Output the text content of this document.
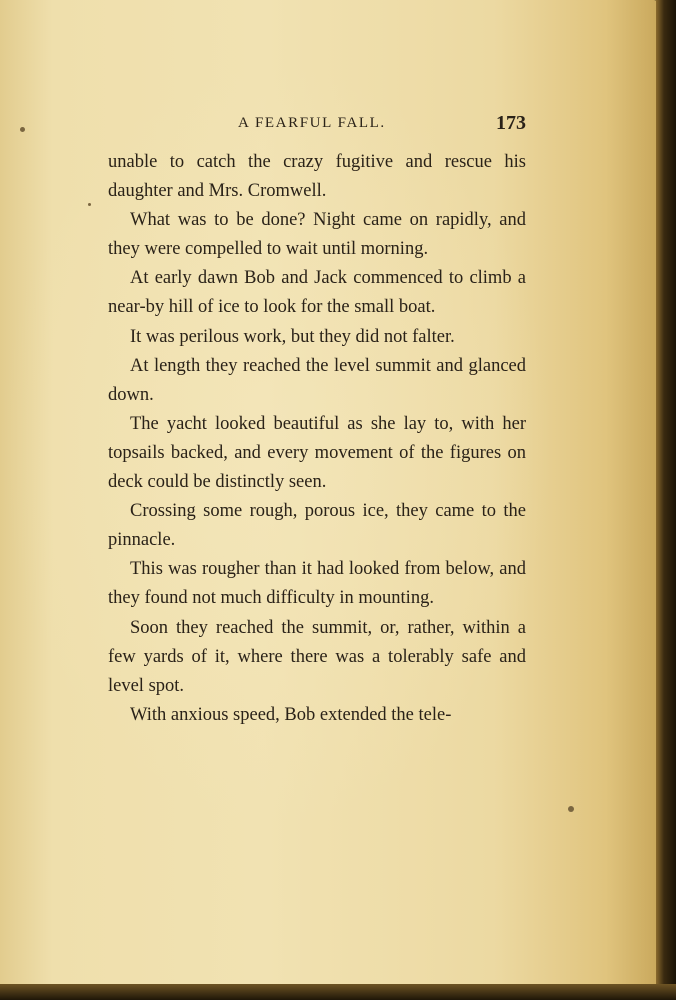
A FEARFUL FALL.	173

unable to catch the crazy fugitive and rescue his daughter and Mrs. Cromwell.

What was to be done? Night came on rapidly, and they were compelled to wait until morning.

At early dawn Bob and Jack commenced to climb a near-by hill of ice to look for the small boat.

It was perilous work, but they did not falter.

At length they reached the level summit and glanced down.

The yacht looked beautiful as she lay to, with her topsails backed, and every movement of the figures on deck could be distinctly seen.

Crossing some rough, porous ice, they came to the pinnacle.

This was rougher than it had looked from below, and they found not much difficulty in mounting.

Soon they reached the summit, or, rather, within a few yards of it, where there was a tolerably safe and level spot.

With anxious speed, Bob extended the tele-
